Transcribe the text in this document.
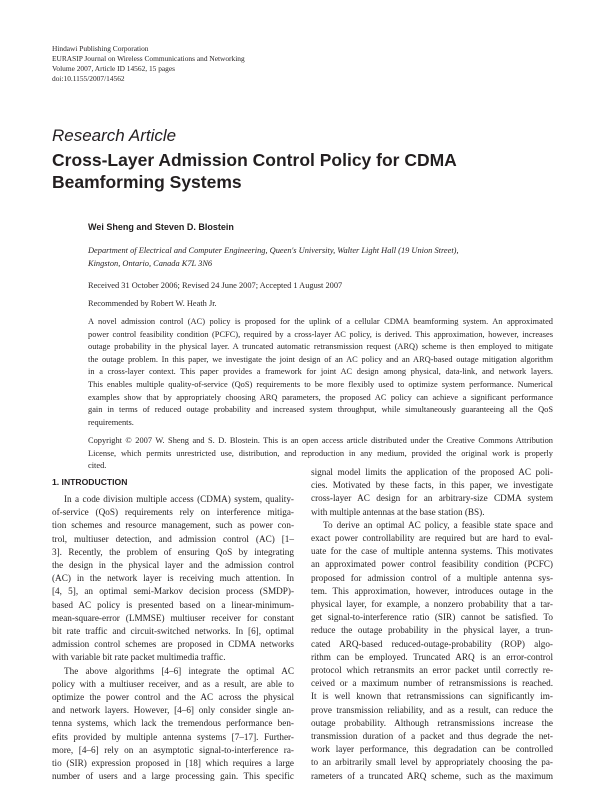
Hindawi Publishing Corporation
EURASIP Journal on Wireless Communications and Networking
Volume 2007, Article ID 14562, 15 pages
doi:10.1155/2007/14562
Research Article
Cross-Layer Admission Control Policy for CDMA
Beamforming Systems
Wei Sheng and Steven D. Blostein
Department of Electrical and Computer Engineering, Queen's University, Walter Light Hall (19 Union Street),
Kingston, Ontario, Canada K7L 3N6
Received 31 October 2006; Revised 24 June 2007; Accepted 1 August 2007
Recommended by Robert W. Heath Jr.
A novel admission control (AC) policy is proposed for the uplink of a cellular CDMA beamforming system. An approximated
power control feasibility condition (PCFC), required by a cross-layer AC policy, is derived. This approximation, however, increases
outage probability in the physical layer. A truncated automatic retransmission request (ARQ) scheme is then employed to mitigate
the outage problem. In this paper, we investigate the joint design of an AC policy and an ARQ-based outage mitigation algorithm
in a cross-layer context. This paper provides a framework for joint AC design among physical, data-link, and network layers.
This enables multiple quality-of-service (QoS) requirements to be more flexibly used to optimize system performance. Numerical
examples show that by appropriately choosing ARQ parameters, the proposed AC policy can achieve a significant performance
gain in terms of reduced outage probability and increased system throughput, while simultaneously guaranteeing all the QoS
requirements.
Copyright © 2007 W. Sheng and S. D. Blostein. This is an open access article distributed under the Creative Commons Attribution
License, which permits unrestricted use, distribution, and reproduction in any medium, provided the original work is properly
cited.
1. INTRODUCTION
In a code division multiple access (CDMA) system, quality-
of-service (QoS) requirements rely on interference mitiga-
tion schemes and resource management, such as power con-
trol, multiuser detection, and admission control (AC) [1–
3]. Recently, the problem of ensuring QoS by integrating
the design in the physical layer and the admission control
(AC) in the network layer is receiving much attention. In
[4, 5], an optimal semi-Markov decision process (SMDP)-
based AC policy is presented based on a linear-minimum-
mean-square-error (LMMSE) multiuser receiver for constant
bit rate traffic and circuit-switched networks. In [6], optimal
admission control schemes are proposed in CDMA networks
with variable bit rate packet multimedia traffic.
The above algorithms [4–6] integrate the optimal AC
policy with a multiuser receiver, and as a result, are able to
optimize the power control and the AC across the physical
and network layers. However, [4–6] only consider single an-
tenna systems, which lack the tremendous performance ben-
efits provided by multiple antenna systems [7–17]. Further-
more, [4–6] rely on an asymptotic signal-to-interference ra-
tio (SIR) expression proposed in [18] which requires a large
number of users and a large processing gain. This specific
signal model limits the application of the proposed AC poli-
cies. Motivated by these facts, in this paper, we investigate
cross-layer AC design for an arbitrary-size CDMA system
with multiple antennas at the base station (BS).
To derive an optimal AC policy, a feasible state space and
exact power controllability are required but are hard to eval-
uate for the case of multiple antenna systems. This motivates
an approximated power control feasibility condition (PCFC)
proposed for admission control of a multiple antenna sys-
tem. This approximation, however, introduces outage in the
physical layer, for example, a nonzero probability that a tar-
get signal-to-interference ratio (SIR) cannot be satisfied. To
reduce the outage probability in the physical layer, a trun-
cated ARQ-based reduced-outage-probability (ROP) algo-
rithm can be employed. Truncated ARQ is an error-control
protocol which retransmits an error packet until correctly re-
ceived or a maximum number of retransmissions is reached.
It is well known that retransmissions can significantly im-
prove transmission reliability, and as a result, can reduce the
outage probability. Although retransmissions increase the
transmission duration of a packet and thus degrade the net-
work layer performance, this degradation can be controlled
to an arbitrarily small level by appropriately choosing the pa-
rameters of a truncated ARQ scheme, such as the maximum
